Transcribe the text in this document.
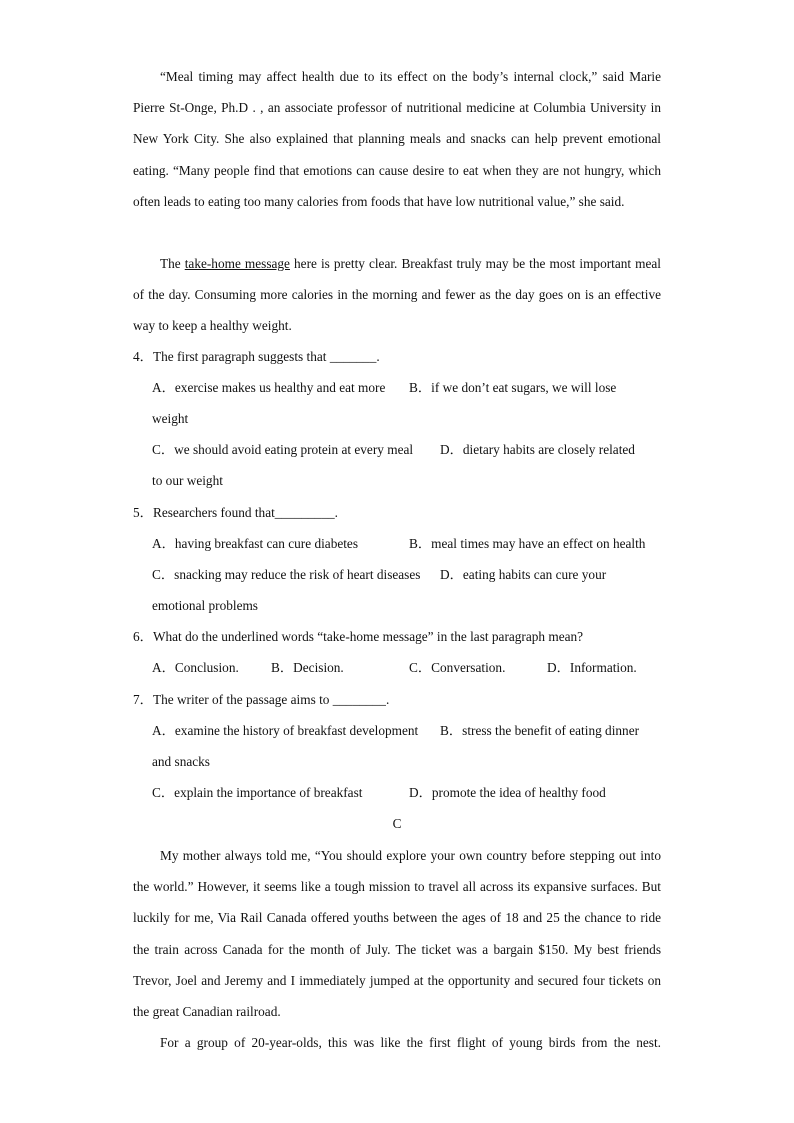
“Meal timing may affect health due to its effect on the body’s internal clock,” said Marie Pierre St-Onge, Ph.D . , an associate professor of nutritional medicine at Columbia University in New York City. She also explained that planning meals and snacks can help prevent emotional eating. “Many people find that emotions can cause desire to eat when they are not hungry, which often leads to eating too many calories from foods that have low nutritional value,” she said.

The take-home message here is pretty clear. Breakfast truly may be the most important meal of the day. Consuming more calories in the morning and fewer as the day goes on is an effective way to keep a healthy weight.

4．The first paragraph suggests that _______.
A．exercise makes us healthy and eat more B．if we don’t eat sugars, we will lose
weight
C．we should avoid eating protein at every meal D．dietary habits are closely related
to our weight
5．Researchers found that_________.
A．having breakfast can cure diabetes	B．meal times may have an effect on health
C．snacking may reduce the risk of heart diseases D．eating habits can cure your
emotional problems
6．What do the underlined words “take-home message” in the last paragraph mean?
A．Conclusion. B．Decision.	C．Conversation.	D．Information.
7．The writer of the passage aims to ________.
A．examine the history of breakfast development B．stress the benefit of eating dinner
and snacks
C．explain the importance of breakfast	D．promote the idea of healthy food
C

My mother always told me, “You should explore your own country before stepping out into the world.” However, it seems like a tough mission to travel all across its expansive surfaces. But luckily for me, Via Rail Canada offered youths between the ages of 18 and 25 the chance to ride the train across Canada for the month of July. The ticket was a bargain $150. My best friends Trevor, Joel and Jeremy and I immediately jumped at the opportunity and secured four tickets on the great Canadian railroad.

For a group of 20-year-olds, this was like the first flight of young birds from the nest.
